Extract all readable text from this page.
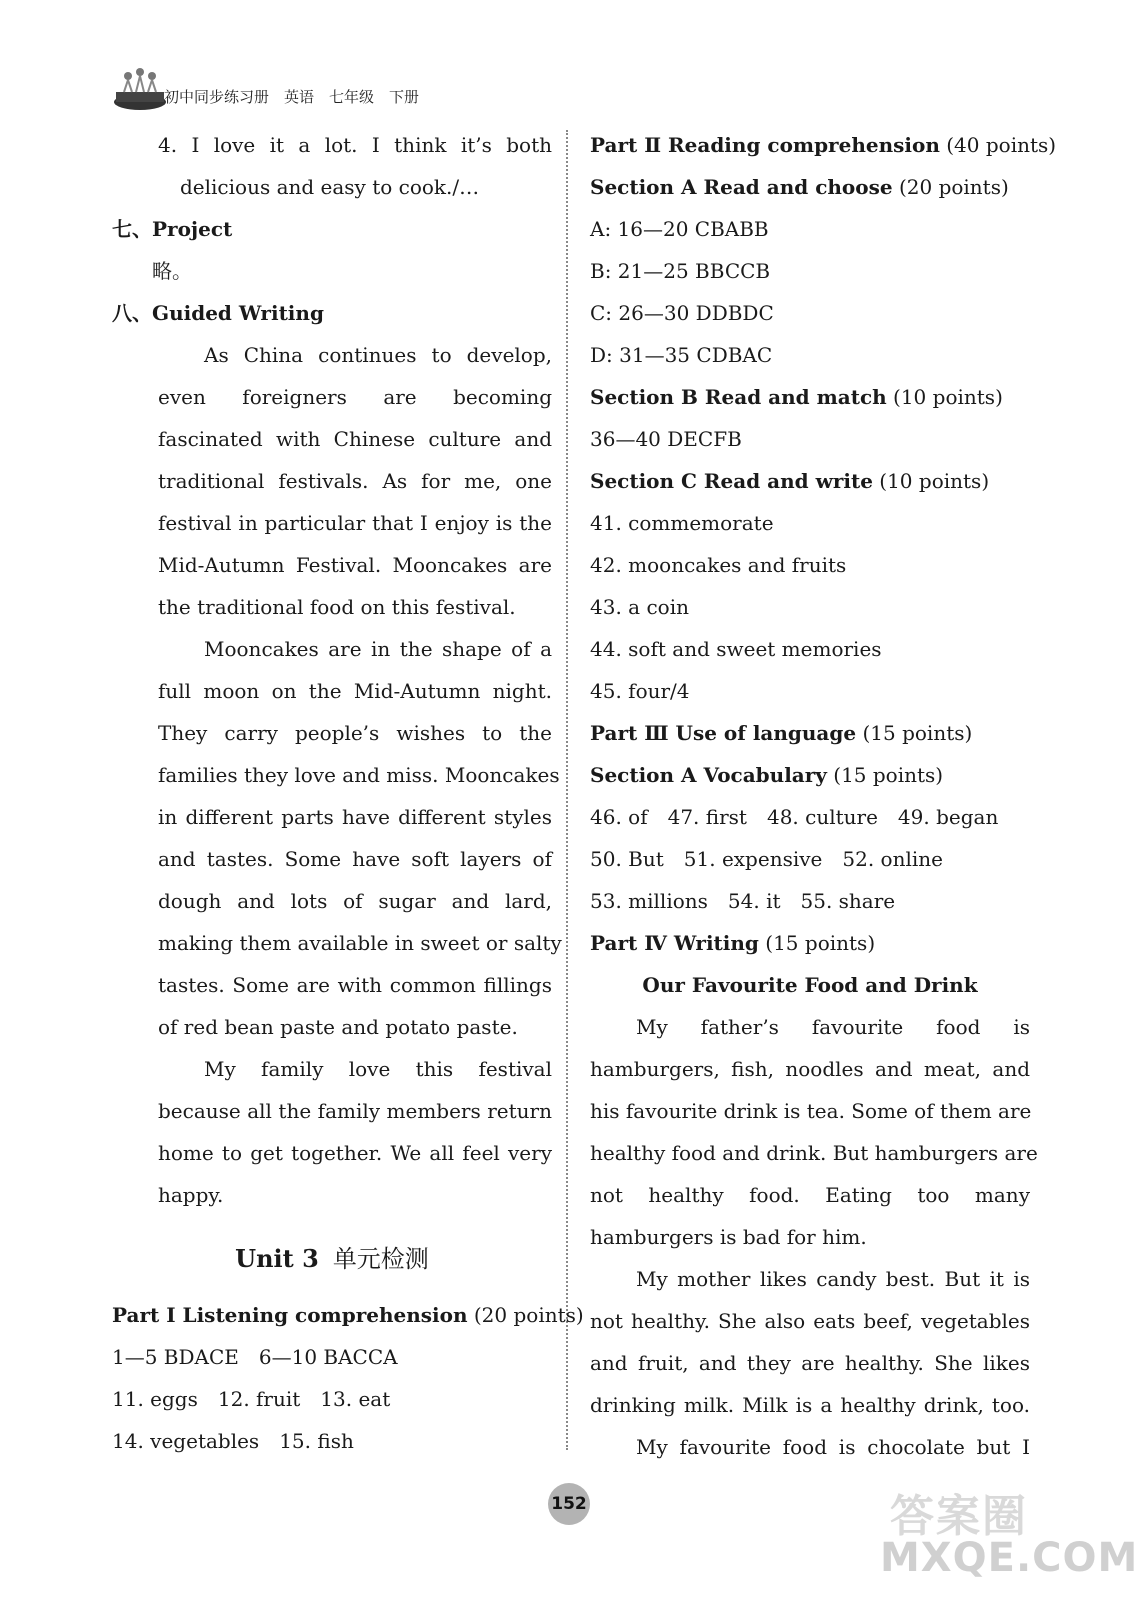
初中同步练习册　英语　七年级　下册
4. I love it a lot. I think it’s both
delicious and easy to cook./…
七、Project
略。
八、Guided Writing
As China continues to develop,
even foreigners are becoming
fascinated with Chinese culture and
traditional festivals. As for me, one
festival in particular that I enjoy is the
Mid-Autumn Festival. Mooncakes are
the traditional food on this festival.
Mooncakes are in the shape of a
full moon on the Mid-Autumn night.
They carry people’s wishes to the
families they love and miss. Mooncakes
in different parts have different styles
and tastes. Some have soft layers of
dough and lots of sugar and lard,
making them available in sweet or salty
tastes. Some are with common fillings
of red bean paste and potato paste.
My family love this festival
because all the family members return
home to get together. We all feel very
happy.
Unit 3 单元检测
Part Ⅰ Listening comprehension (20 points)
1—5 BDACE　6—10 BACCA
11. eggs　12. fruit　13. eat
14. vegetables　15. fish
Part Ⅱ Reading comprehension (40 points)
Section A Read and choose (20 points)
A: 16—20 CBABB
B: 21—25 BBCCB
C: 26—30 DDBDC
D: 31—35 CDBAC
Section B Read and match (10 points)
36—40 DECFB
Section C Read and write (10 points)
41. commemorate
42. mooncakes and fruits
43. a coin
44. soft and sweet memories
45. four/4
Part Ⅲ Use of language (15 points)
Section A Vocabulary (15 points)
46. of　47. first　48. culture　49. began
50. But　51. expensive　52. online
53. millions　54. it　55. share
Part Ⅳ Writing (15 points)
Our Favourite Food and Drink
My father’s favourite food is
hamburgers, fish, noodles and meat, and
his favourite drink is tea. Some of them are
healthy food and drink. But hamburgers are
not healthy food. Eating too many
hamburgers is bad for him.
My mother likes candy best. But it is
not healthy. She also eats beef, vegetables
and fruit, and they are healthy. She likes
drinking milk. Milk is a healthy drink, too.
My favourite food is chocolate but I
152	答案圈
MXQE.COM
